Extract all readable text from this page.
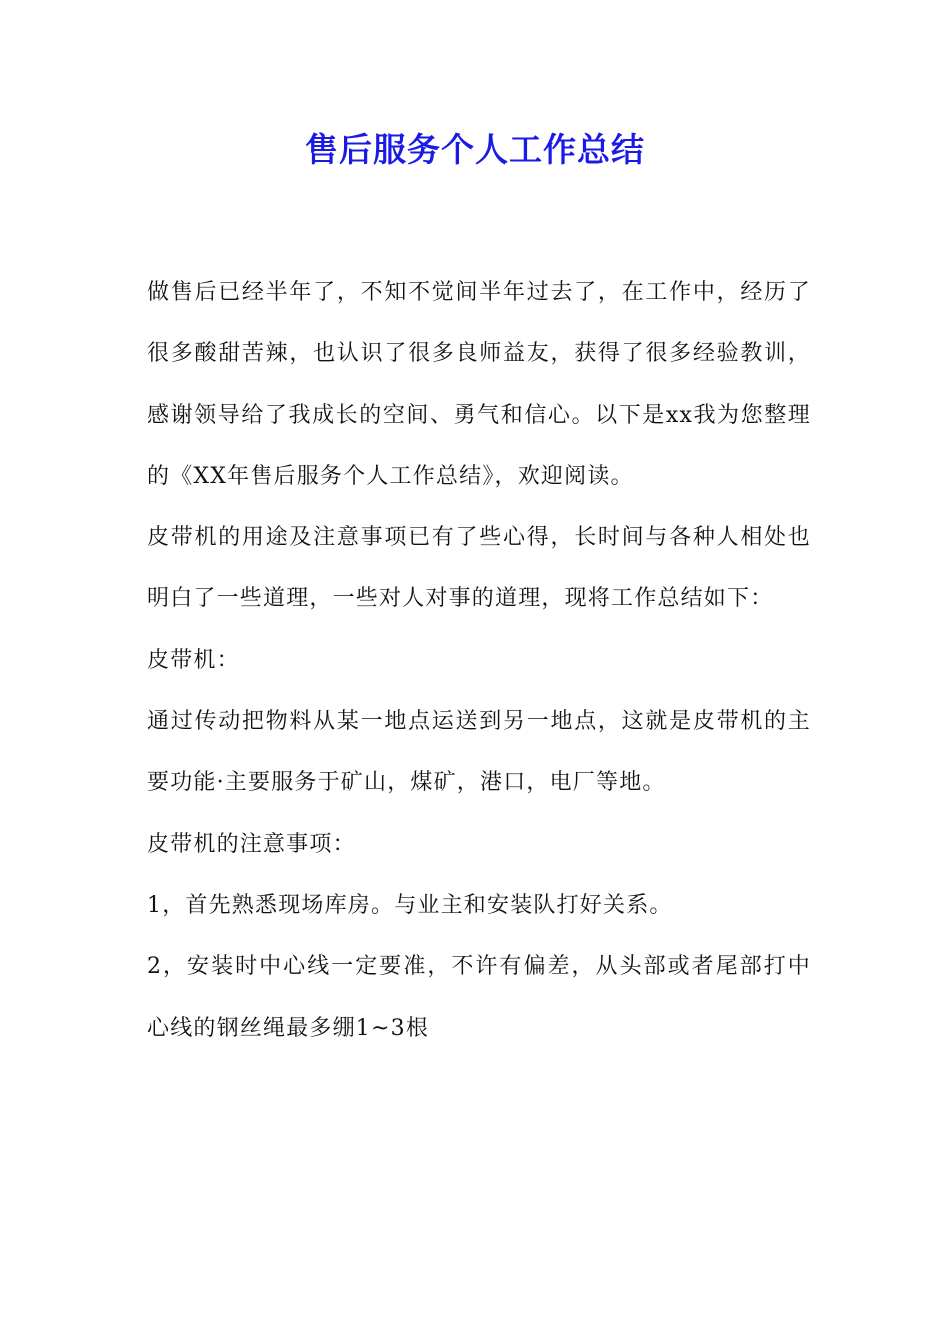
售后服务个人工作总结

做售后已经半年了，不知不觉间半年过去了，在工作中，经历了很多酸甜苦辣，也认识了很多良师益友，获得了很多经验教训，感谢领导给了我成长的空间、勇气和信心。以下是xx我为您整理的《XX年售后服务个人工作总结》，欢迎阅读。

皮带机的用途及注意事项已有了些心得，长时间与各种人相处也明白了一些道理，一些对人对事的道理，现将工作总结如下：

皮带机：

通过传动把物料从某一地点运送到另一地点，这就是皮带机的主要功能·主要服务于矿山，煤矿，港口，电厂等地。

皮带机的注意事项：

1，首先熟悉现场库房。与业主和安装队打好关系。

2，安装时中心线一定要准，不许有偏差，从头部或者尾部打中心线的钢丝绳最多绷1~3根
